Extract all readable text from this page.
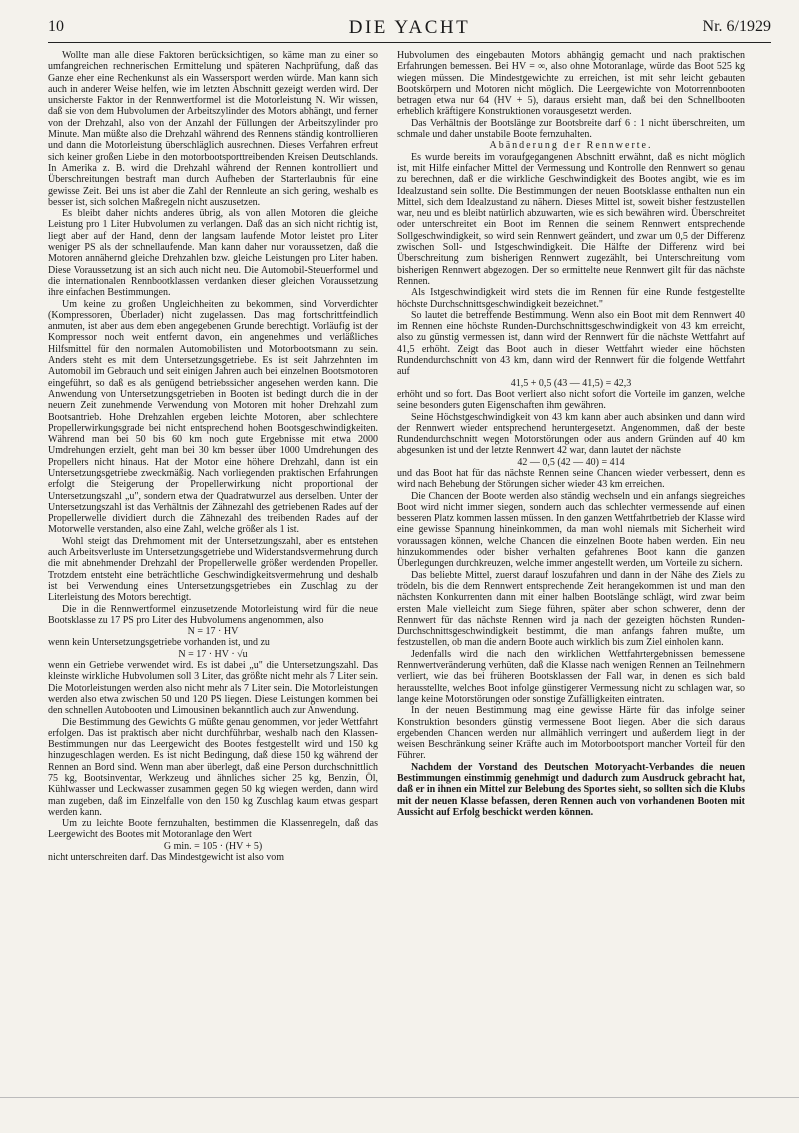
10	DIE YACHT	Nr. 6/1929

Wollte man alle diese Faktoren berücksichtigen, so käme man zu einer so umfangreichen rechnerischen Ermittelung und späteren Nachprüfung, daß das Ganze eher eine Rechenkunst als ein Wassersport werden würde. Man kann sich auch in anderer Weise helfen, wie im letzten Abschnitt gezeigt werden wird. Der unsicherste Faktor in der Rennwertformel ist die Motorleistung N. Wir wissen, daß sie von dem Hubvolumen der Arbeitszylinder des Motors abhängt, und ferner von der Drehzahl, also von der Anzahl der Füllungen der Arbeitszylinder pro Minute. Man müßte also die Drehzahl während des Rennens ständig kontrollieren und dann die Motorleistung überschläglich ausrechnen. Dieses Verfahren erfreut sich keiner großen Liebe in den motorbootsporttreibenden Kreisen Deutschlands. In Amerika z. B. wird die Drehzahl während der Rennen kontrolliert und Überschreitungen bestraft man durch Aufheben der Starterlaubnis für eine gewisse Zeit. Bei uns ist aber die Zahl der Rennleute an sich gering, weshalb es besser ist, sich solchen Maßregeln nicht auszusetzen.

Es bleibt daher nichts anderes übrig, als von allen Motoren die gleiche Leistung pro 1 Liter Hubvolumen zu verlangen. Daß das an sich nicht richtig ist, liegt aber auf der Hand, denn der langsam laufende Motor leistet pro Liter weniger PS als der schnellaufende. Man kann daher nur voraussetzen, daß die Motoren annähernd gleiche Drehzahlen bzw. gleiche Leistungen pro Liter haben. Diese Voraussetzung ist an sich auch nicht neu. Die Automobil-Steuerformel und die internationalen Rennbootklassen verdanken dieser gleichen Voraussetzung ihre einfachen Bestimmungen.

Um keine zu großen Ungleichheiten zu bekommen, sind Vorverdichter (Kompressoren, Überlader) nicht zugelassen. Das mag fortschrittfeindlich anmuten, ist aber aus dem eben angegebenen Grunde berechtigt. Vorläufig ist der Kompressor noch weit entfernt davon, ein angenehmes und verläßliches Hilfsmittel für den normalen Automobilisten und Motorbootsmann zu sein. Anders steht es mit dem Untersetzungsgetriebe. Es ist seit Jahrzehnten im Automobil im Gebrauch und seit einigen Jahren auch bei einzelnen Bootsmotoren eingeführt, so daß es als genügend betriebssicher angesehen werden kann. Die Anwendung von Untersetzungsgetrieben in Booten ist bedingt durch die in der neuern Zeit zunehmende Verwendung von Motoren mit hoher Drehzahl zum Bootsantrieb. Hohe Drehzahlen ergeben leichte Motoren, aber schlechtere Propellerwirkungsgrade bei nicht entsprechend hohen Bootsgeschwindigkeiten. Während man bei 50 bis 60 km noch gute Ergebnisse mit etwa 2000 Umdrehungen erzielt, geht man bei 30 km besser über 1000 Umdrehungen des Propellers nicht hinaus. Hat der Motor eine höhere Drehzahl, dann ist ein Untersetzungsgetriebe zweckmäßig. Nach vorliegenden praktischen Erfahrungen erfolgt die Steigerung der Propellerwirkung nicht proportional der Untersetzungszahl „u", sondern etwa der Quadratwurzel aus derselben. Unter der Untersetzungszahl ist das Verhältnis der Zähnezahl des getriebenen Rades auf der Propellerwelle dividiert durch die Zähnezahl des treibenden Rades auf der Motorwelle verstanden, also eine Zahl, welche größer als 1 ist.

Wohl steigt das Drehmoment mit der Untersetzungszahl, aber es entstehen auch Arbeitsverluste im Untersetzungsgetriebe und Widerstandsvermehrung durch die mit abnehmender Drehzahl der Propellerwelle größer werdenden Propeller. Trotzdem entsteht eine beträchtliche Geschwindigkeitsvermehrung und deshalb ist bei Verwendung eines Untersetzungsgetriebes ein Zuschlag zu der Literleistung des Motors berechtigt.

Die in die Rennwertformel einzusetzende Motorleistung wird für die neue Bootsklasse zu 17 PS pro Liter des Hubvolumens angenommen, also

N = 17 · HV

wenn kein Untersetzungsgetriebe vorhanden ist, und zu

N = 17 · HV · √u

wenn ein Getriebe verwendet wird. Es ist dabei „u" die Untersetzungszahl. Das kleinste wirkliche Hubvolumen soll 3 Liter, das größte nicht mehr als 7 Liter sein. Die Motorleistungen werden also nicht mehr als 7 Liter sein. Die Motorleistungen werden also etwa zwischen 50 und 120 PS liegen. Diese Leistungen kommen bei den schnellen Autobooten und Limousinen bekanntlich auch zur Anwendung.

Die Bestimmung des Gewichts G müßte genau genommen, vor jeder Wettfahrt erfolgen. Das ist praktisch aber nicht durchführbar, weshalb nach den Klassen-Bestimmungen nur das Leergewicht des Bootes festgestellt wird und 150 kg hinzugeschlagen werden. Es ist nicht Bedingung, daß diese 150 kg während der Rennen an Bord sind. Wenn man aber überlegt, daß eine Person durchschnittlich 75 kg, Bootsinventar, Werkzeug und ähnliches sicher 25 kg, Benzin, Öl, Kühlwasser und Leckwasser zusammen gegen 50 kg wiegen werden, dann wird man zugeben, daß im Einzelfalle von den 150 kg Zuschlag kaum etwas gespart werden kann.

Um zu leichte Boote fernzuhalten, bestimmen die Klassenregeln, daß das Leergewicht des Bootes mit Motoranlage den Wert

G min. = 105 · (HV + 5)

nicht unterschreiten darf. Das Mindestgewicht ist also vom

Hubvolumen des eingebauten Motors abhängig gemacht und nach praktischen Erfahrungen bemessen. Bei HV = ∞, also ohne Motoranlage, würde das Boot 525 kg wiegen müssen. Die Mindestgewichte zu erreichen, ist mit sehr leicht gebauten Bootskörpern und Motoren nicht möglich. Die Leergewichte von Motorrennbooten betragen etwa nur 64 (HV + 5), daraus ersieht man, daß bei den Schnellbooten erheblich kräftigere Konstruktionen vorausgesetzt werden.

Das Verhältnis der Bootslänge zur Bootsbreite darf 6 : 1 nicht überschreiten, um schmale und daher unstabile Boote fernzuhalten.

Abänderung der Rennwerte.

Es wurde bereits im voraufgegangenen Abschnitt erwähnt, daß es nicht möglich ist, mit Hilfe einfacher Mittel der Vermessung und Kontrolle den Rennwert so genau zu berechnen, daß er die wirkliche Geschwindigkeit des Bootes angibt, wie es im Idealzustand sein sollte. Die Bestimmungen der neuen Bootsklasse enthalten nun ein Mittel, sich dem Idealzustand zu nähern. Dieses Mittel ist, soweit bisher festzustellen war, neu und es bleibt natürlich abzuwarten, wie es sich bewähren wird. Überschreitet oder unterschreitet ein Boot im Rennen die seinem Rennwert entsprechende Sollgeschwindigkeit, so wird sein Rennwert geändert, und zwar um 0,5 der Differenz zwischen Soll- und Istgeschwindigkeit. Die Hälfte der Differenz wird bei Überschreitung zum bisherigen Rennwert zugezählt, bei Unterschreitung vom bisherigen Rennwert abgezogen. Der so ermittelte neue Rennwert gilt für das nächste Rennen.

Als Istgeschwindigkeit wird stets die im Rennen für eine Runde festgestellte höchste Durchschnittsgeschwindigkeit bezeichnet."

So lautet die betreffende Bestimmung. Wenn also ein Boot mit dem Rennwert 40 im Rennen eine höchste Runden-Durchschnittsgeschwindigkeit von 43 km erreicht, also zu günstig vermessen ist, dann wird der Rennwert für die nächste Wettfahrt auf 41,5 erhöht. Zeigt das Boot auch in dieser Wettfahrt wieder eine höchsten Rundendurchschnitt von 43 km, dann wird der Rennwert für die folgende Wettfahrt auf

41,5 + 0,5 (43 — 41,5) = 42,3

erhöht und so fort. Das Boot verliert also nicht sofort die Vorteile im ganzen, welche seine besonders guten Eigenschaften ihm gewähren.

Seine Höchstgeschwindigkeit von 43 km kann aber auch absinken und dann wird der Rennwert wieder entsprechend heruntergesetzt. Angenommen, daß der beste Rundendurchschnitt wegen Motorstörungen oder aus andern Gründen auf 40 km abgesunken ist und der letzte Rennwert 42 war, dann lautet der nächste

42 — 0,5 (42 — 40) = 414

und das Boot hat für das nächste Rennen seine Chancen wieder verbessert, denn es wird nach Behebung der Störungen sicher wieder 43 km erreichen.

Die Chancen der Boote werden also ständig wechseln und ein anfangs siegreiches Boot wird nicht immer siegen, sondern auch das schlechter vermessende auf einen besseren Platz kommen lassen müssen. In den ganzen Wettfahrtbetrieb der Klasse wird eine gewisse Spannung hineinkommen, da man wohl niemals mit Sicherheit wird voraussagen können, welche Chancen die einzelnen Boote haben werden. Ein neu hinzukommendes oder bisher verhalten gefahrenes Boot kann die ganzen Überlegungen durchkreuzen, welche immer angestellt werden, um Vorteile zu sichern.

Das beliebte Mittel, zuerst darauf loszufahren und dann in der Nähe des Ziels zu trödeln, bis die dem Rennwert entsprechende Zeit herangekommen ist und man den nächsten Konkurrenten dann mit einer halben Bootslänge schlägt, wird zwar beim ersten Male vielleicht zum Siege führen, später aber schon schwerer, denn der Rennwert für das nächste Rennen wird ja nach der gezeigten höchsten Runden-Durchschnittsgeschwindigkeit bestimmt, die man anfangs fahren mußte, um festzustellen, ob man die andern Boote auch wirklich bis zum Ziel einholen kann.

Jedenfalls wird die nach den wirklichen Wettfahrtergebnissen bemessene Rennwertveränderung verhüten, daß die Klasse nach wenigen Rennen an Teilnehmern verliert, wie das bei früheren Bootsklassen der Fall war, in denen es sich bald herausstellte, welches Boot infolge günstigerer Vermessung nicht zu schlagen war, so lange keine Motorstörungen oder sonstige Zufälligkeiten eintraten.

In der neuen Bestimmung mag eine gewisse Härte für das infolge seiner Konstruktion besonders günstig vermessene Boot liegen. Aber die sich daraus ergebenden Chancen werden nur allmählich verringert und außerdem liegt in der weisen Beschränkung seiner Kräfte auch im Motorbootsport mancher Vorteil für den Führer.

Nachdem der Vorstand des Deutschen Motoryacht-Verbandes die neuen Bestimmungen einstimmig genehmigt und dadurch zum Ausdruck gebracht hat, daß er in ihnen ein Mittel zur Belebung des Sportes sieht, so sollten sich die Klubs mit der neuen Klasse befassen, deren Rennen auch von vorhandenen Booten mit Aussicht auf Erfolg beschickt werden können.
